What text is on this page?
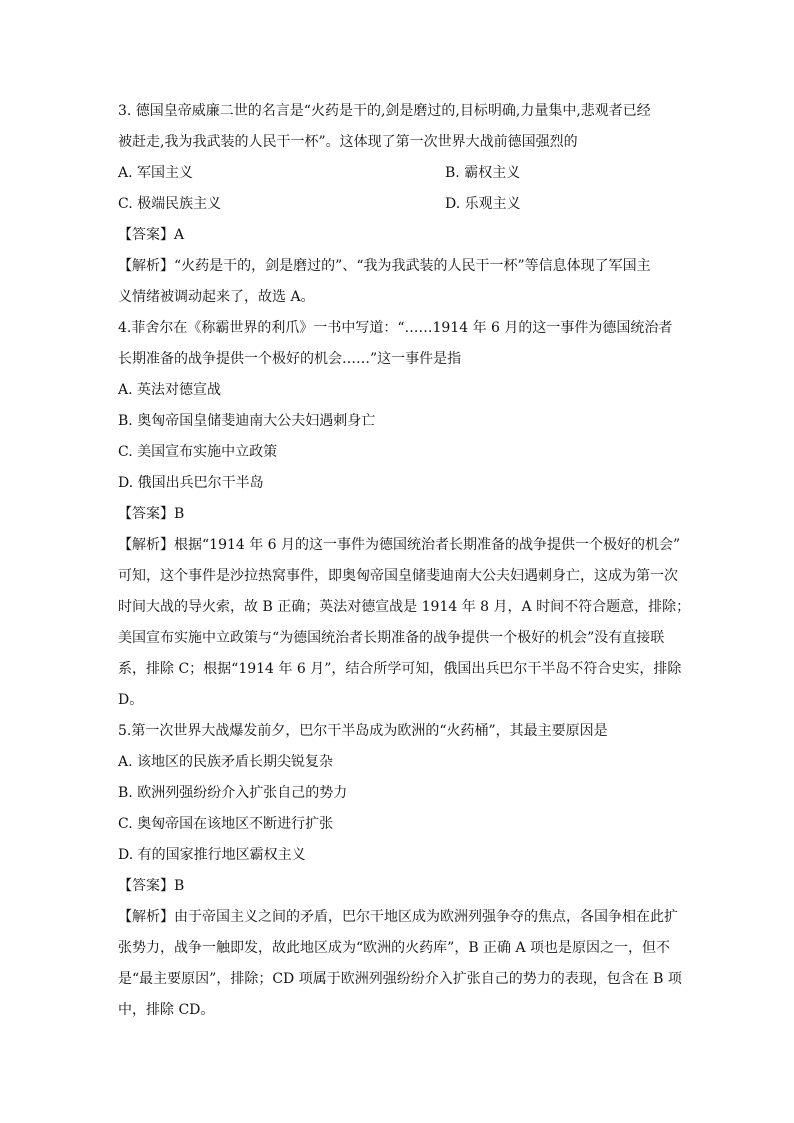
3. 德国皇帝威廉二世的名言是“火药是干的,剑是磨过的,目标明确,力量集中,悲观者已经
被赶走,我为我武装的人民干一杯”。这体现了第一次世界大战前德国强烈的
A. 军国主义	B. 霸权主义
C. 极端民族主义	D. 乐观主义
【答案】A
【解析】“火药是干的，剑是磨过的”、“我为我武装的人民干一杯”等信息体现了军国主
义情绪被调动起来了，故选 A。
4.菲舍尔在《称霸世界的利爪》一书中写道：“……1914 年 6 月的这一事件为德国统治者
长期准备的战争提供一个极好的机会……”这一事件是指
A. 英法对德宣战
B. 奥匈帝国皇储斐迪南大公夫妇遇刺身亡
C. 美国宣布实施中立政策
D. 俄国出兵巴尔干半岛
【答案】B
【解析】根据“1914 年 6 月的这一事件为德国统治者长期准备的战争提供一个极好的机会”
可知，这个事件是沙拉热窝事件，即奥匈帝国皇储斐迪南大公夫妇遇刺身亡，这成为第一次
时间大战的导火索，故 B 正确；英法对德宣战是 1914 年 8 月，A 时间不符合题意，排除；
美国宣布实施中立政策与“为德国统治者长期准备的战争提供一个极好的机会”没有直接联
系，排除 C；根据“1914 年 6 月”，结合所学可知，俄国出兵巴尔干半岛不符合史实，排除
D。
5.第一次世界大战爆发前夕，巴尔干半岛成为欧洲的“火药桶”，其最主要原因是
A. 该地区的民族矛盾长期尖锐复杂
B. 欧洲列强纷纷介入扩张自己的势力
C. 奥匈帝国在该地区不断进行扩张
D. 有的国家推行地区霸权主义
【答案】B
【解析】由于帝国主义之间的矛盾，巴尔干地区成为欧洲列强争夺的焦点，各国争相在此扩
张势力，战争一触即发，故此地区成为“欧洲的火药库”，B 正确 A 项也是原因之一，但不
是“最主要原因”，排除；CD 项属于欧洲列强纷纷介入扩张自己的势力的表现，包含在 B 项
中，排除 CD。
